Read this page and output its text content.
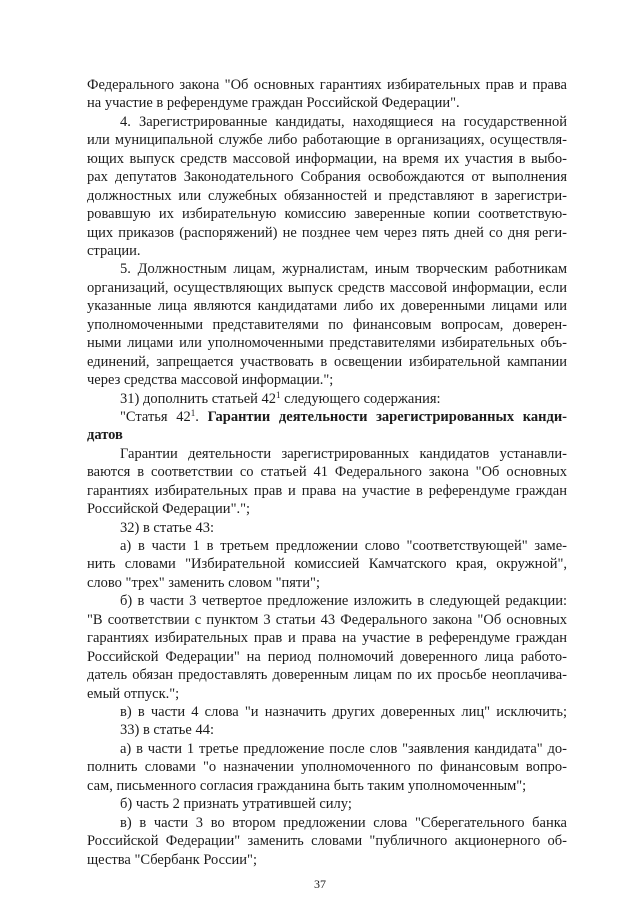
Федерального закона "Об основных гарантиях избирательных прав и права
на участие в референдуме граждан Российской Федерации".
4. Зарегистрированные кандидаты, находящиеся на государственной
или муниципальной службе либо работающие в организациях, осуществля-
ющих выпуск средств массовой информации, на время их участия в выбо-
рах депутатов Законодательного Собрания освобождаются от выполнения
должностных или служебных обязанностей и представляют в зарегистри-
ровавшую их избирательную комиссию заверенные копии соответствую-
щих приказов (распоряжений) не позднее чем через пять дней со дня реги-
страции.
5. Должностным лицам, журналистам, иным творческим работникам
организаций, осуществляющих выпуск средств массовой информации, если
указанные лица являются кандидатами либо их доверенными лицами или
уполномоченными представителями по финансовым вопросам, доверен-
ными лицами или уполномоченными представителями избирательных объ-
единений, запрещается участвовать в освещении избирательной кампании
через средства массовой информации.";
31) дополнить статьей $42^1$ следующего содержания:
"Статья $42^1$. Гарантии деятельности зарегистрированных канди-
датов
Гарантии деятельности зарегистрированных кандидатов устанавли-
ваются в соответствии со статьей 41 Федерального закона "Об основных
гарантиях избирательных прав и права на участие в референдуме граждан
Российской Федерации".";
32) в статье 43:
а) в части 1 в третьем предложении слово "соответствующей" заме-
нить словами "Избирательной комиссией Камчатского края, окружной",
слово "трех" заменить словом "пяти";
б) в части 3 четвертое предложение изложить в следующей редакции:
"В соответствии с пунктом 3 статьи 43 Федерального закона "Об основных
гарантиях избирательных прав и права на участие в референдуме граждан
Российской Федерации" на период полномочий доверенного лица работо-
датель обязан предоставлять доверенным лицам по их просьбе неоплачива-
емый отпуск.";
в) в части 4 слова "и назначить других доверенных лиц" исключить;
33) в статье 44:
а) в части 1 третье предложение после слов "заявления кандидата" до-
полнить словами "о назначении уполномоченного по финансовым вопро-
сам, письменного согласия гражданина быть таким уполномоченным";
б) часть 2 признать утратившей силу;
в) в части 3 во втором предложении слова "Сберегательного банка
Российской Федерации" заменить словами "публичного акционерного об-
щества "Сбербанк России";
37
